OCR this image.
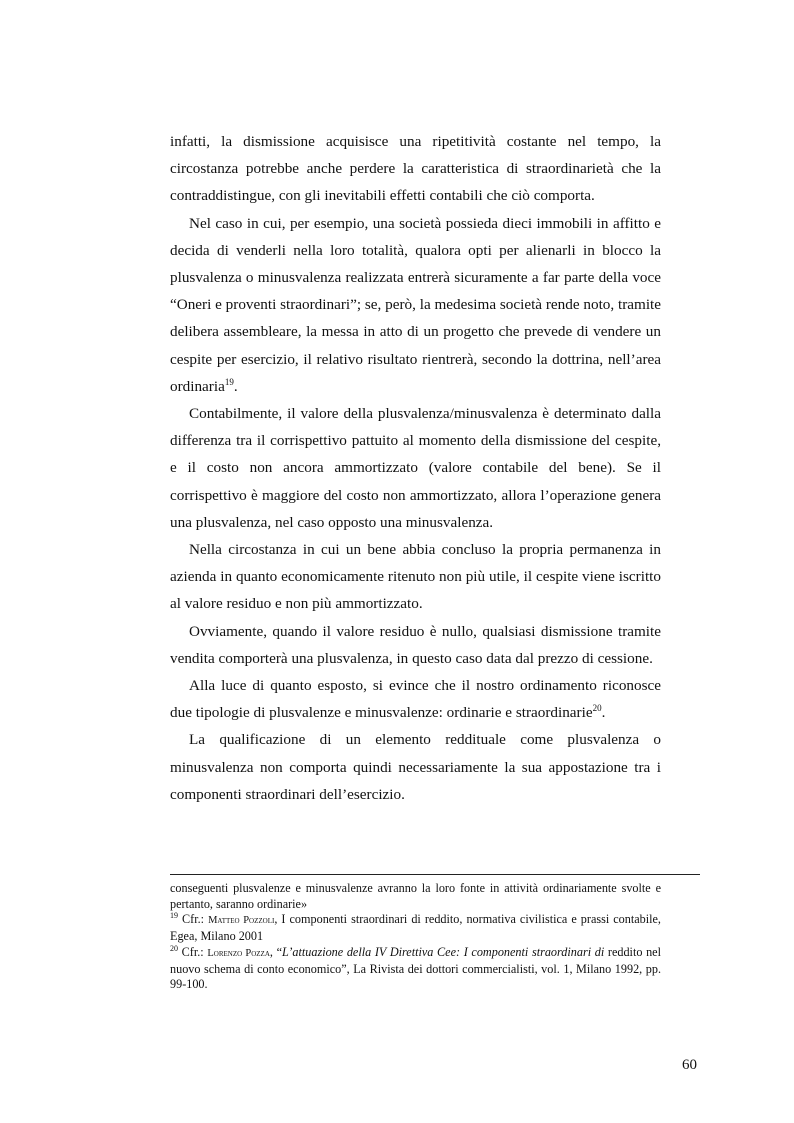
infatti, la dismissione acquisisce una ripetitività costante nel tempo, la circostanza potrebbe anche perdere la caratteristica di straordinarietà che la contraddistingue, con gli inevitabili effetti contabili che ciò comporta.

Nel caso in cui, per esempio, una società possieda dieci immobili in affitto e decida di venderli nella loro totalità, qualora opti per alienarli in blocco la plusvalenza o minusvalenza realizzata entrerà sicuramente a far parte della voce “Oneri e proventi straordinari”; se, però, la medesima società rende noto, tramite delibera assembleare, la messa in atto di un progetto che prevede di vendere un cespite per esercizio, il relativo risultato rientrerà, secondo la dottrina, nell’area ordinaria$^{19}$.

Contabilmente, il valore della plusvalenza/minusvalenza è determinato dalla differenza tra il corrispettivo pattuito al momento della dismissione del cespite, e il costo non ancora ammortizzato (valore contabile del bene). Se il corrispettivo è maggiore del costo non ammortizzato, allora l’operazione genera una plusvalenza, nel caso opposto una minusvalenza.

Nella circostanza in cui un bene abbia concluso la propria permanenza in azienda in quanto economicamente ritenuto non più utile, il cespite viene iscritto al valore residuo e non più ammortizzato.

Ovviamente, quando il valore residuo è nullo, qualsiasi dismissione tramite vendita comporterà una plusvalenza, in questo caso data dal prezzo di cessione.

Alla luce di quanto esposto, si evince che il nostro ordinamento riconosce due tipologie di plusvalenze e minusvalenze: ordinarie e straordinarie$^{20}$.

La qualificazione di un elemento reddituale come plusvalenza o minusvalenza non comporta quindi necessariamente la sua appostazione tra i componenti straordinari dell’esercizio.

conseguenti plusvalenze e minusvalenze avranno la loro fonte in attività ordinariamente svolte e pertanto, saranno ordinarie»

$^{19}$ Cfr.: Matteo Pozzoli, I componenti straordinari di reddito, normativa civilistica e prassi contabile, Egea, Milano 2001

$^{20}$ Cfr.: Lorenzo Pozza, “L’attuazione della IV Direttiva Cee: I componenti straordinari di reddito nel nuovo schema di conto economico”, La Rivista dei dottori commercialisti, vol. 1, Milano 1992, pp. 99-100.

60
